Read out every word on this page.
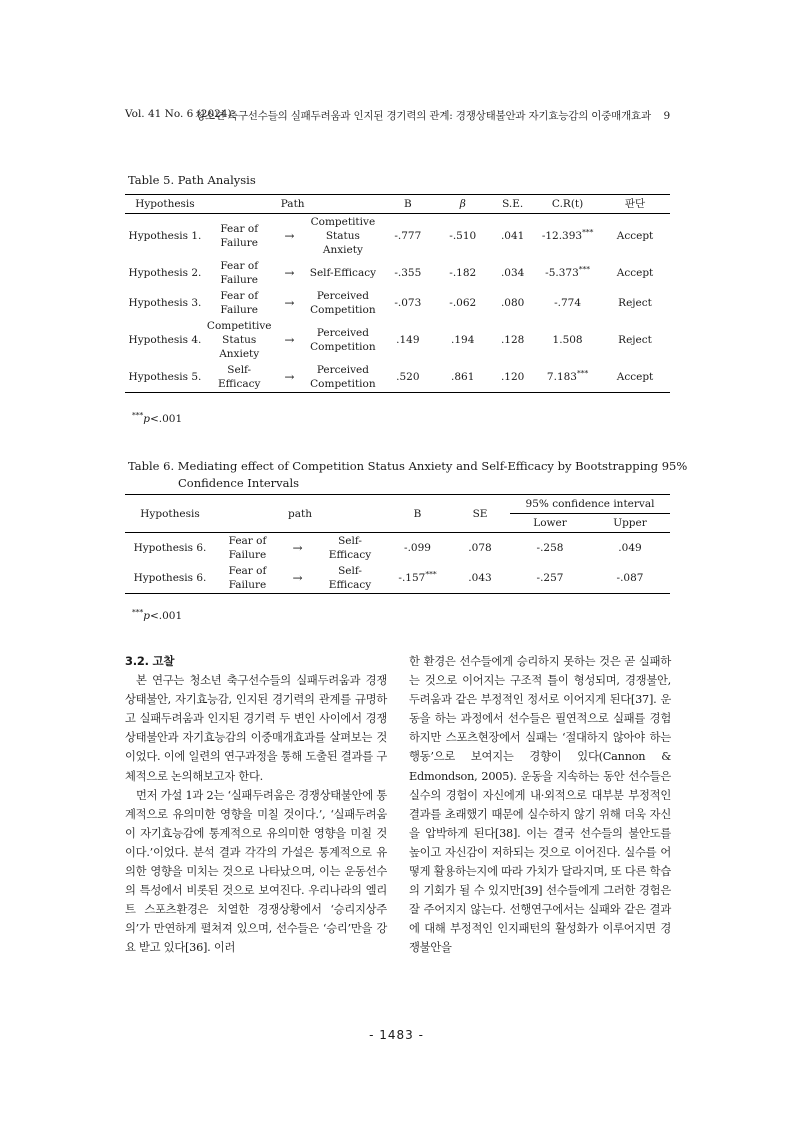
Vol. 41 No. 6 (2024)
청소년 축구선수들의 실패두려움과 인지된 경기력의 관계: 경쟁상태불안과 자기효능감의 이중매개효과 9
Table 5. Path Analysis
Hypothesis	Path			B	β	S.E.	C.R(t)	판단
Hypothesis 1.	Fear of Failure	→	Competitive Status Anxiety	-.777	-.510	.041	-12.393***	Accept
Hypothesis 2.	Fear of Failure	→	Self-Efficacy	-.355	-.182	.034	-5.373***	Accept
Hypothesis 3.	Fear of Failure	→	Perceived Competition	-.073	-.062	.080	-.774	Reject
Hypothesis 4.	Competitive Status Anxiety	→	Perceived Competition	.149	.194	.128	1.508	Reject
Hypothesis 5.	Self-Efficacy	→	Perceived Competition	.520	.861	.120	7.183***	Accept
***p<.001
Table 6. Mediating effect of Competition Status Anxiety and Self-Efficacy by Bootstrapping 95%
Confidence Intervals
Hypothesis	path			B	SE	95% confidence interval	
						Lower	Upper
Hypothesis 6.	Fear of Failure	→	Self-Efficacy	-.099	.078	-.258	.049
Hypothesis 6.	Fear of Failure	→	Self-Efficacy	-.157***	.043	-.257	-.087
***p<.001

3.2. 고찰

본 연구는 청소년 축구선수들의 실패두려움과 경쟁상태불안, 자기효능감, 인지된 경기력의 관계를 규명하고 실패두려움과 인지된 경기력 두 변인 사이에서 경쟁상태불안과 자기효능감의 이중매개효과를 살펴보는 것이었다. 이에 일련의 연구과정을 통해 도출된 결과를 구체적으로 논의해보고자 한다.

먼저 가설 1과 2는 ‘실패두려움은 경쟁상태불안에 통계적으로 유의미한 영향을 미칠 것이다.’, ‘실패두려움이 자기효능감에 통계적으로 유의미한 영향을 미칠 것이다.’이었다. 분석 결과 각각의 가설은 통계적으로 유의한 영향을 미치는 것으로 나타났으며, 이는 운동선수의 특성에서 비롯된 것으로 보여진다. 우리나라의 엘리트 스포츠환경은 치열한 경쟁상황에서 ‘승리지상주의’가 만연하게 펼쳐져 있으며, 선수들은 ‘승리’만을 강요 받고 있다[36]. 이러

한 환경은 선수들에게 승리하지 못하는 것은 곧 실패하는 것으로 이어지는 구조적 틀이 형성되며, 경쟁불안, 두려움과 같은 부정적인 정서로 이어지게 된다[37]. 운동을 하는 과정에서 선수들은 필연적으로 실패를 경험하지만 스포츠현장에서 실패는 ‘절대하지 않아야 하는 행동’으로 보여지는 경향이 있다(Cannon & Edmondson, 2005). 운동을 지속하는 동안 선수들은 실수의 경험이 자신에게 내·외적으로 대부분 부정적인 결과를 초래했기 때문에 실수하지 않기 위해 더욱 자신을 압박하게 된다[38]. 이는 결국 선수들의 불안도를 높이고 자신감이 저하되는 것으로 이어진다. 실수를 어떻게 활용하는지에 따라 가치가 달라지며, 또 다른 학습의 기회가 될 수 있지만[39] 선수들에게 그러한 경험은 잘 주어지지 않는다. 선행연구에서는 실패와 같은 결과에 대해 부정적인 인지패턴의 활성화가 이루어지면 경쟁불안을

- 1483 -
